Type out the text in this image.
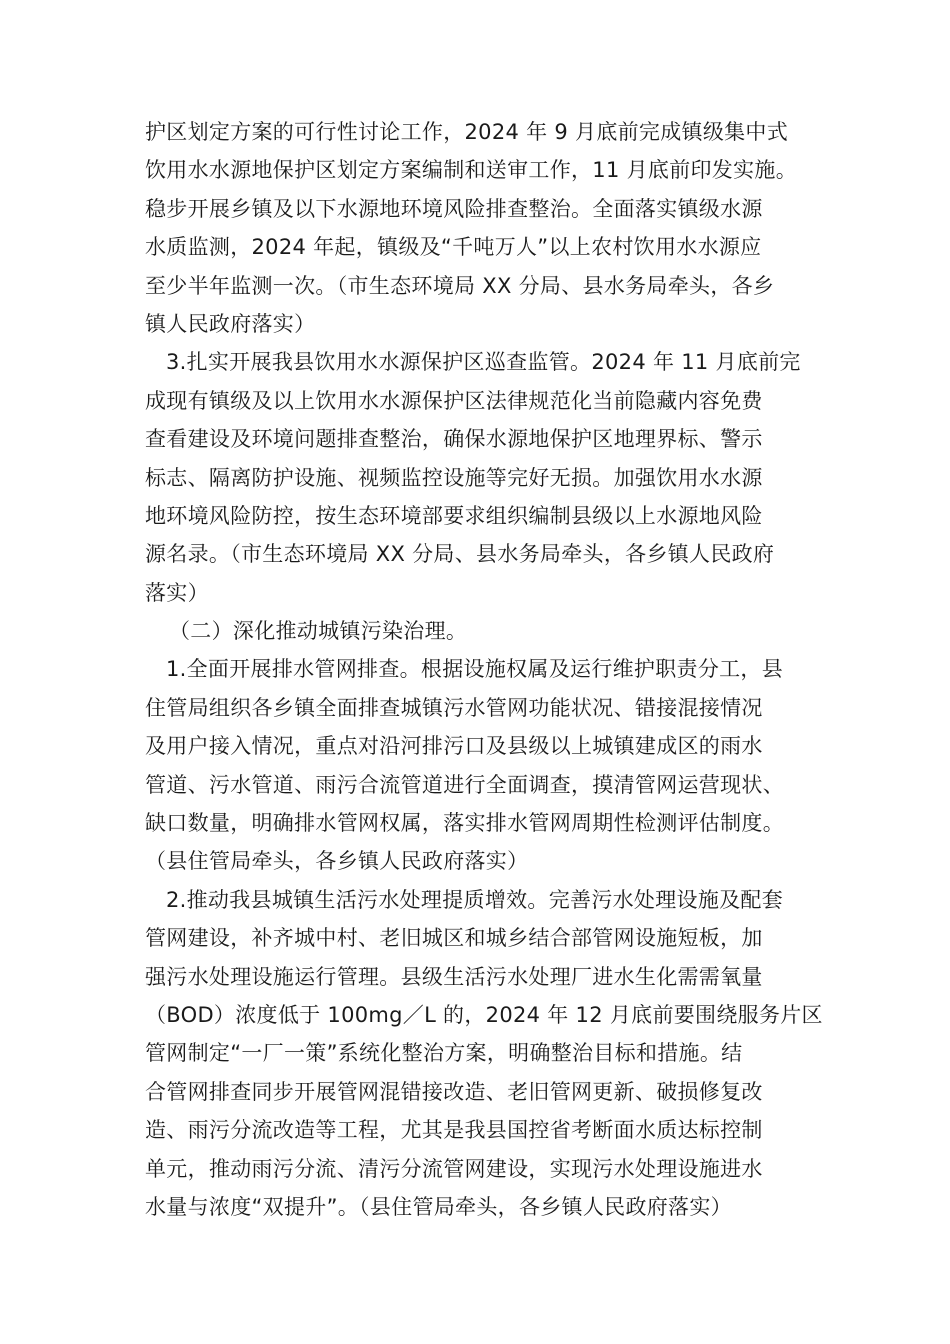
护区划定方案的可行性讨论工作，2024 年 9 月底前完成镇级集中式
饮用水水源地保护区划定方案编制和送审工作，11 月底前印发实施。
稳步开展乡镇及以下水源地环境风险排查整治。全面落实镇级水源
水质监测，2024 年起，镇级及“千吨万人”以上农村饮用水水源应
至少半年监测一次。（市生态环境局 XX 分局、县水务局牵头，各乡
镇人民政府落实）
3.扎实开展我县饮用水水源保护区巡查监管。2024 年 11 月底前完
成现有镇级及以上饮用水水源保护区法律规范化当前隐藏内容免费
查看建设及环境问题排查整治，确保水源地保护区地理界标、警示
标志、隔离防护设施、视频监控设施等完好无损。加强饮用水水源
地环境风险防控，按生态环境部要求组织编制县级以上水源地风险
源名录。（市生态环境局 XX 分局、县水务局牵头，各乡镇人民政府
落实）
（二）深化推动城镇污染治理。
1.全面开展排水管网排查。根据设施权属及运行维护职责分工，县
住管局组织各乡镇全面排查城镇污水管网功能状况、错接混接情况
及用户接入情况，重点对沿河排污口及县级以上城镇建成区的雨水
管道、污水管道、雨污合流管道进行全面调查，摸清管网运营现状、
缺口数量，明确排水管网权属，落实排水管网周期性检测评估制度。
（县住管局牵头，各乡镇人民政府落实）
2.推动我县城镇生活污水处理提质增效。完善污水处理设施及配套
管网建设，补齐城中村、老旧城区和城乡结合部管网设施短板，加
强污水处理设施运行管理。县级生活污水处理厂进水生化需需氧量
（BOD）浓度低于 100mg／L 的，2024 年 12 月底前要围绕服务片区
管网制定“一厂一策”系统化整治方案，明确整治目标和措施。结
合管网排查同步开展管网混错接改造、老旧管网更新、破损修复改
造、雨污分流改造等工程，尤其是我县国控省考断面水质达标控制
单元，推动雨污分流、清污分流管网建设，实现污水处理设施进水
水量与浓度“双提升”。（县住管局牵头，各乡镇人民政府落实）
